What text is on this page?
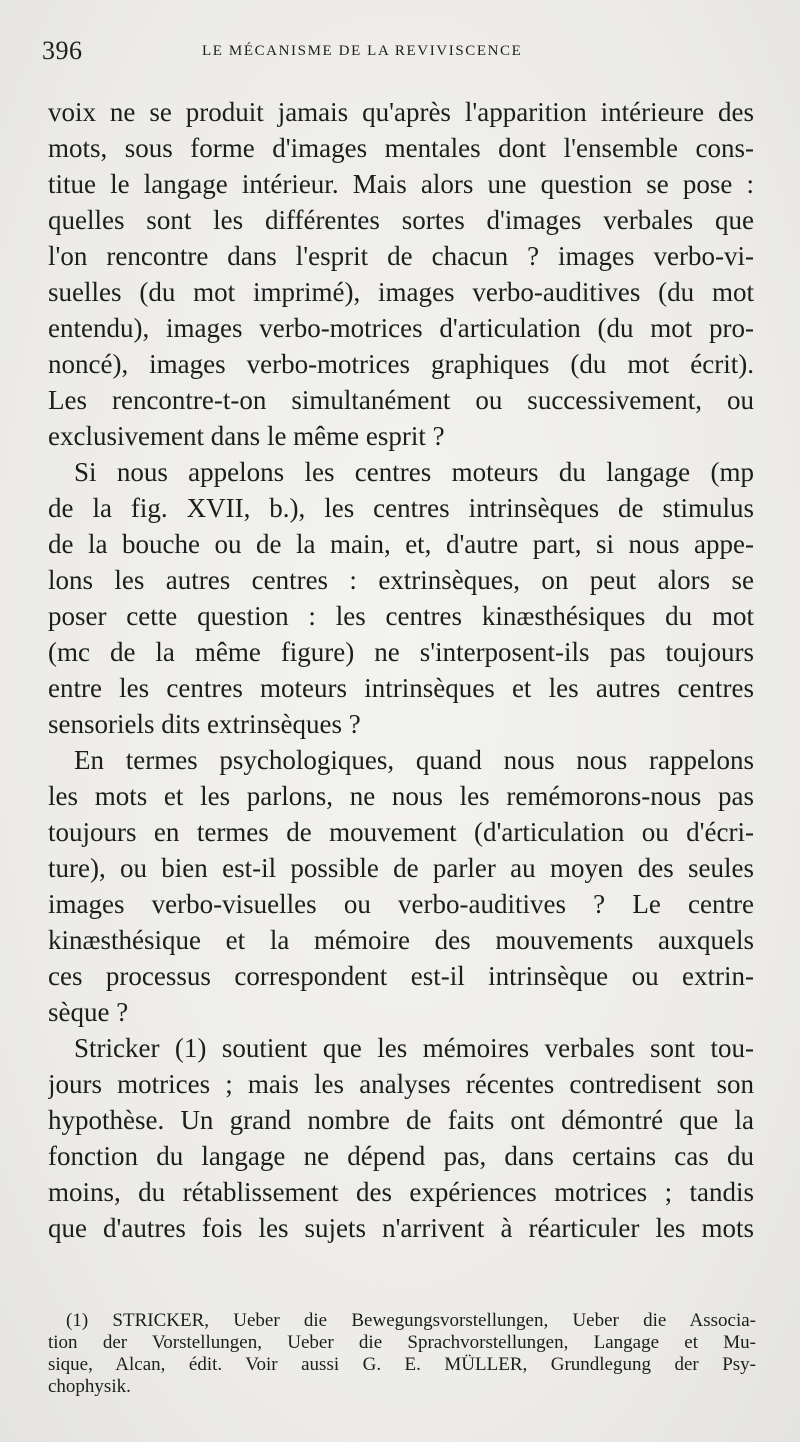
396	LE MÉCANISME DE LA REVIVISCENCE
voix ne se produit jamais qu'après l'apparition intérieure des
mots, sous forme d'images mentales dont l'ensemble cons-
titue le langage intérieur. Mais alors une question se pose :
quelles sont les différentes sortes d'images verbales que
l'on rencontre dans l'esprit de chacun ? images verbo-vi-
suelles (du mot imprimé), images verbo-auditives (du mot
entendu), images verbo-motrices d'articulation (du mot pro-
noncé), images verbo-motrices graphiques (du mot écrit).
Les rencontre-t-on simultanément ou successivement, ou
exclusivement dans le même esprit ?
Si nous appelons les centres moteurs du langage (mp
de la fig. XVII, b.), les centres intrinsèques de stimulus
de la bouche ou de la main, et, d'autre part, si nous appe-
lons les autres centres : extrinsèques, on peut alors se
poser cette question : les centres kinæsthésiques du mot
(mc de la même figure) ne s'interposent-ils pas toujours
entre les centres moteurs intrinsèques et les autres centres
sensoriels dits extrinsèques ?
En termes psychologiques, quand nous nous rappelons
les mots et les parlons, ne nous les remémorons-nous pas
toujours en termes de mouvement (d'articulation ou d'écri-
ture), ou bien est-il possible de parler au moyen des seules
images verbo-visuelles ou verbo-auditives ? Le centre
kinæsthésique et la mémoire des mouvements auxquels
ces processus correspondent est-il intrinsèque ou extrin-
sèque ?
Stricker (1) soutient que les mémoires verbales sont tou-
jours motrices ; mais les analyses récentes contredisent son
hypothèse. Un grand nombre de faits ont démontré que la
fonction du langage ne dépend pas, dans certains cas du
moins, du rétablissement des expériences motrices ; tandis
que d'autres fois les sujets n'arrivent à réarticuler les mots
(1) STRICKER, Ueber die Bewegungsvorstellungen, Ueber die Associa-
tion der Vorstellungen, Ueber die Sprachvorstellungen, Langage et Mu-
sique, Alcan, édit. Voir aussi G. E. MÜLLER, Grundlegung der Psy-
chophysik.
